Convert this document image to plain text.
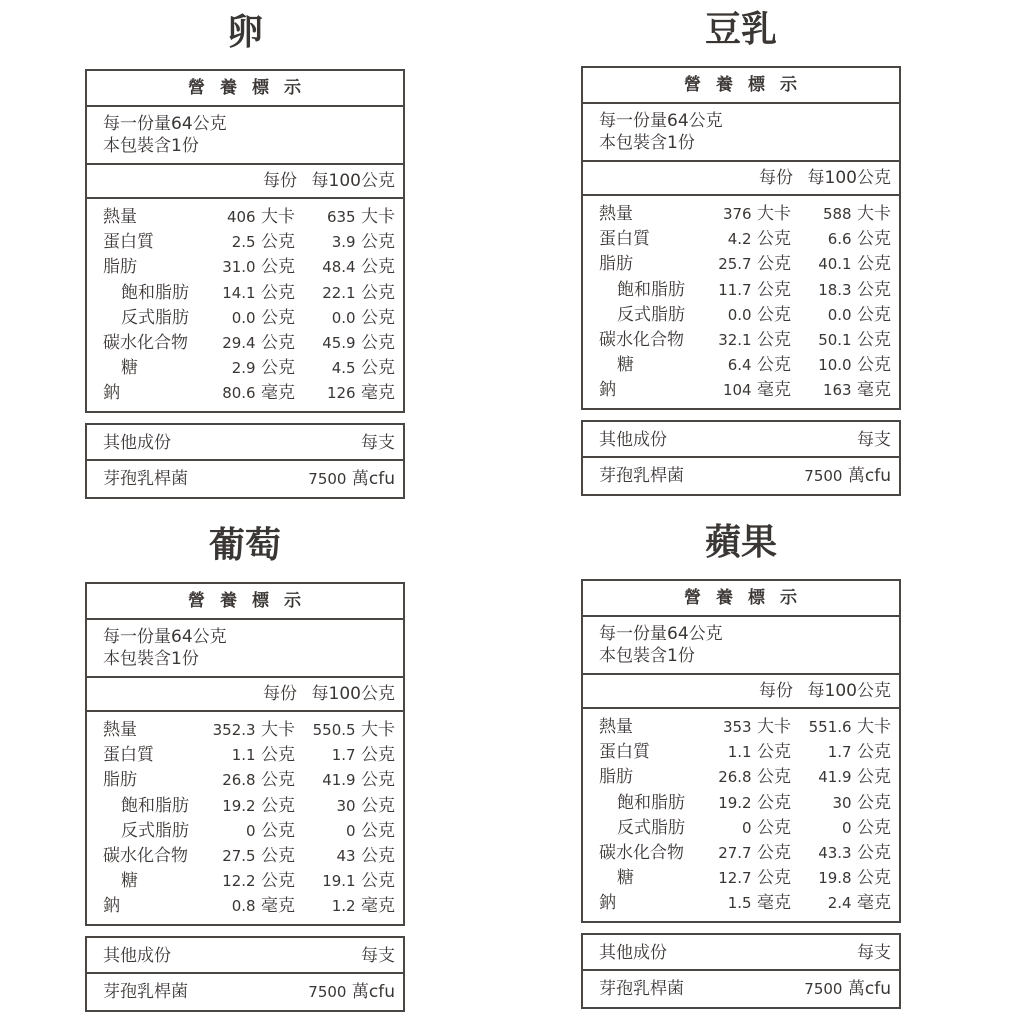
卵
營 養 標 示
每一份量64公克
本包裝含1份
每份 每100公克
熱量	406 大卡 635 大卡
蛋白質	2.5 公克 3.9 公克
脂肪	31.0 公克 48.4 公克
飽和脂肪 14.1 公克 22.1 公克
反式脂肪	0.0 公克 0.0 公克
碳水化合物 29.4 公克 45.9 公克
糖	2.9 公克 4.5 公克
鈉	80.6 毫克 126 毫克
其他成份	每支
芽孢乳桿菌	7500 萬cfu
豆乳
營 養 標 示
每一份量64公克
本包裝含1份
每份 每100公克
熱量	376 大卡 588 大卡
蛋白質	4.2 公克 6.6 公克
脂肪	25.7 公克 40.1 公克
飽和脂肪 11.7 公克 18.3 公克
反式脂肪	0.0 公克 0.0 公克
碳水化合物 32.1 公克 50.1 公克
糖	6.4 公克 10.0 公克
鈉	104 毫克 163 毫克
其他成份	每支
芽孢乳桿菌	7500 萬cfu
葡萄
營 養 標 示
每一份量64公克
本包裝含1份
每份 每100公克
熱量	352.3 大卡 550.5 大卡
蛋白質	1.1 公克 1.7 公克
脂肪	26.8 公克 41.9 公克
飽和脂肪 19.2 公克	30 公克
反式脂肪	0 公克	0 公克
碳水化合物 27.5 公克	43 公克
糖	12.2 公克 19.1 公克
鈉	0.8 毫克 1.2 毫克
其他成份	每支
芽孢乳桿菌	7500 萬cfu
蘋果
營 養 標 示
每一份量64公克
本包裝含1份
每份 每100公克
熱量	353 大卡 551.6 大卡
蛋白質	1.1 公克 1.7 公克
脂肪	26.8 公克 41.9 公克
飽和脂肪 19.2 公克	30 公克
反式脂肪	0 公克	0 公克
碳水化合物 27.7 公克 43.3 公克
糖	12.7 公克 19.8 公克
鈉	1.5 毫克 2.4 毫克
其他成份	每支
芽孢乳桿菌	7500 萬cfu
